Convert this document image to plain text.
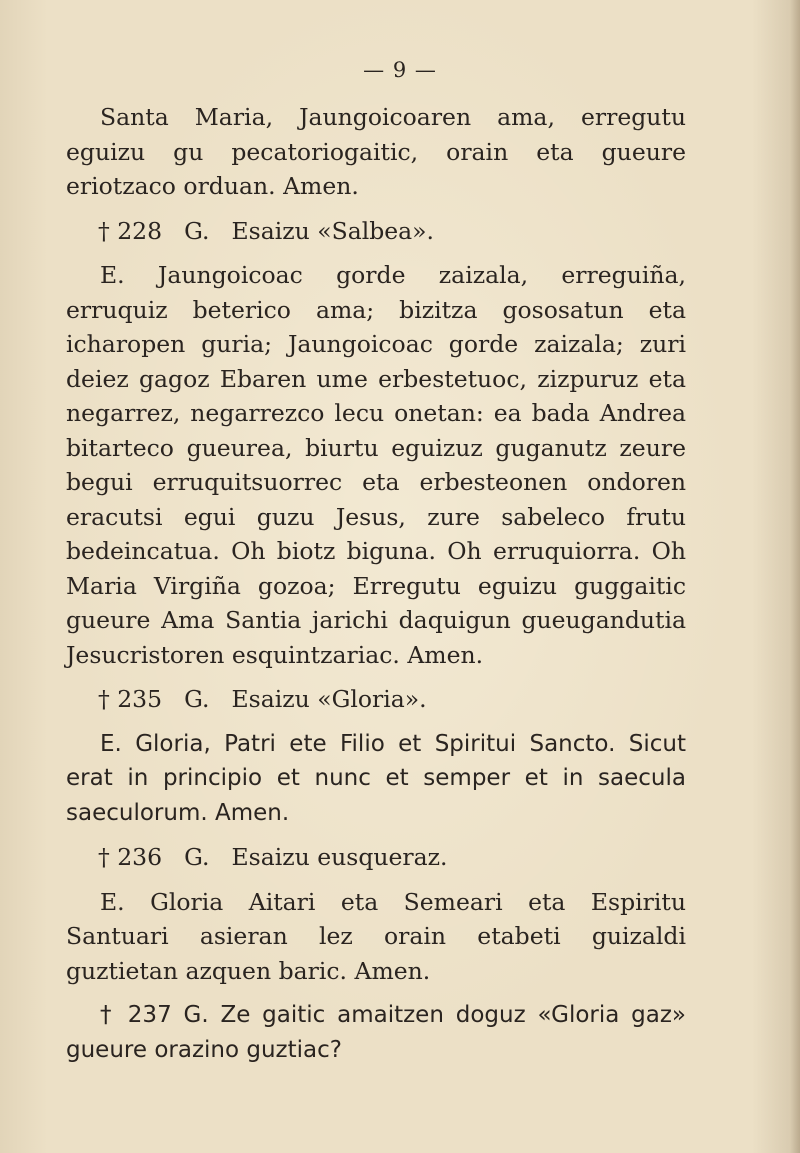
— 9 —

Santa Maria, Jaungoicoaren ama, erregutu eguizu gu pecatoriogaitic, orain eta gueure eriotzaco orduan. Amen.

† 228 G. Esaizu «Salbea».

E. Jaungoicoac gorde zaizala, erreguiña, erruquiz beterico ama; bizitza gososatun eta icharopen guria; Jaungoicoac gorde zaizala; zuri deiez gagoz Ebaren ume erbestetuoc, zizpuruz eta negarrez, negarrezco lecu onetan: ea bada Andrea bitarteco gueurea, biurtu eguizuz guganutz zeure begui erruquitsuorrec eta erbesteonen ondoren eracutsi egui guzu Jesus, zure sabeleco frutu bedeincatua. Oh biotz biguna. Oh erruquiorra. Oh Maria Virgiña gozoa; Erregutu eguizu guggaitic gueure Ama Santia jarichi daquigun gueugandutia Jesucristoren esquintzariac. Amen.

† 235 G. Esaizu «Gloria».

E. Gloria, Patri ete Filio et Spiritui Sancto. Sicut erat in principio et nunc et semper et in saecula saeculorum. Amen.

† 236 G. Esaizu eusqueraz.

E. Gloria Aitari eta Semeari eta Espiritu Santuari asieran lez orain etabeti guizaldi guztietan azquen baric. Amen.

† 237 G. Ze gaitic amaitzen doguz «Gloria gaz» gueure orazino guztiac?
